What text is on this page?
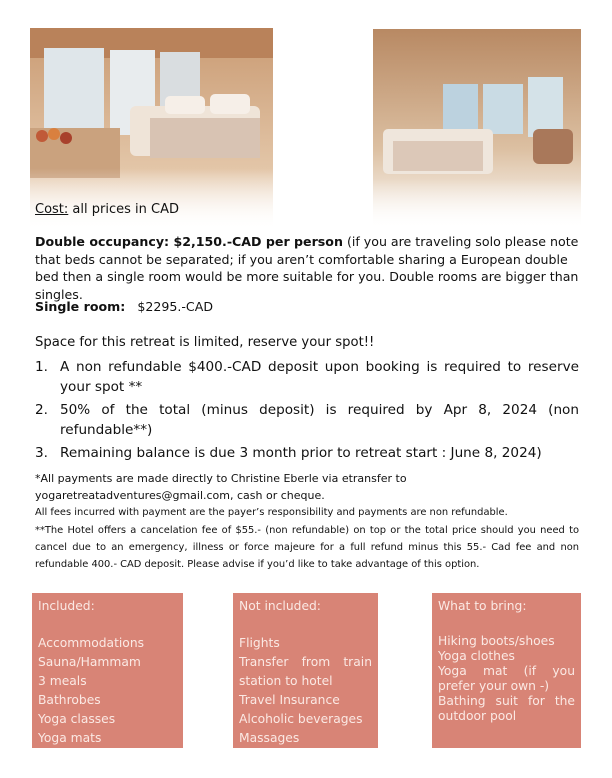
Cost: all prices in CAD
Double occupancy: $2,150.-CAD per person (if you are traveling solo please note that beds cannot be separated; if you aren’t comfortable sharing a European double bed then a single room would be more suitable for you. Double rooms are bigger than singles.
Single room: $2295.-CAD
Space for this retreat is limited, reserve your spot!!
1. A non refundable $400.-CAD deposit upon booking is required to reserve your spot **
2. 50% of the total (minus deposit) is required by Apr 8, 2024 (non refundable**)
3. Remaining balance is due 3 month prior to retreat start : June 8, 2024)
*All payments are made directly to Christine Eberle via etransfer to
yogaretreatadventures@gmail.com, cash or cheque.
All fees incurred with payment are the payer’s responsibility and payments are non refundable.
**The Hotel offers a cancelation fee of $55.- (non refundable) on top or the total price should you need to cancel due to an emergency, illness or force majeure for a full refund minus this 55.- Cad fee and non refundable 400.- CAD deposit. Please advise if you’d like to take advantage of this option.
Included:
Accommodations
Sauna/Hammam
3 meals
Bathrobes
Yoga classes
Yoga mats
Not included:
Flights
Transfer from train
station to hotel
Travel Insurance
Alcoholic beverages
Massages
What to bring:
Hiking boots/shoes
Yoga clothes
Yoga mat (if you
prefer your own -)
Bathing suit for the
outdoor pool
